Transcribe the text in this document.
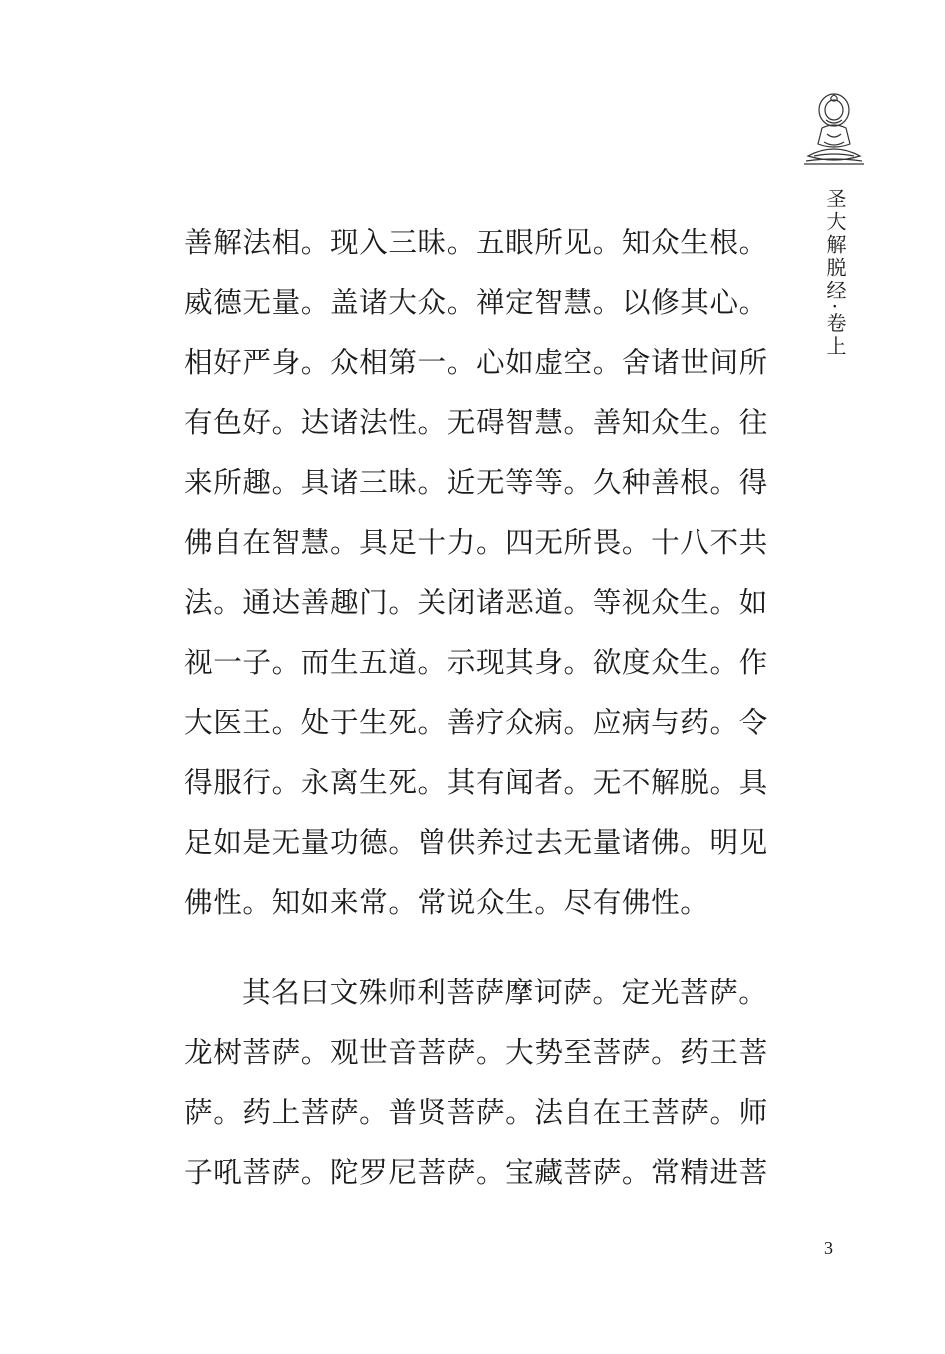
圣大解脱经·卷上
善解法相。现入三昧。五眼所见。知众生根。
威德无量。盖诸大众。禅定智慧。以修其心。
相好严身。众相第一。心如虚空。舍诸世间所
有色好。达诸法性。无碍智慧。善知众生。往
来所趣。具诸三昧。近无等等。久种善根。得
佛自在智慧。具足十力。四无所畏。十八不共
法。通达善趣门。关闭诸恶道。等视众生。如
视一子。而生五道。示现其身。欲度众生。作
大医王。处于生死。善疗众病。应病与药。令
得服行。永离生死。其有闻者。无不解脱。具
足如是无量功德。曾供养过去无量诸佛。明见
佛性。知如来常。常说众生。尽有佛性。
其名曰文殊师利菩萨摩诃萨。定光菩萨。
龙树菩萨。观世音菩萨。大势至菩萨。药王菩
萨。药上菩萨。普贤菩萨。法自在王菩萨。师
子吼菩萨。陀罗尼菩萨。宝藏菩萨。常精进菩
3
